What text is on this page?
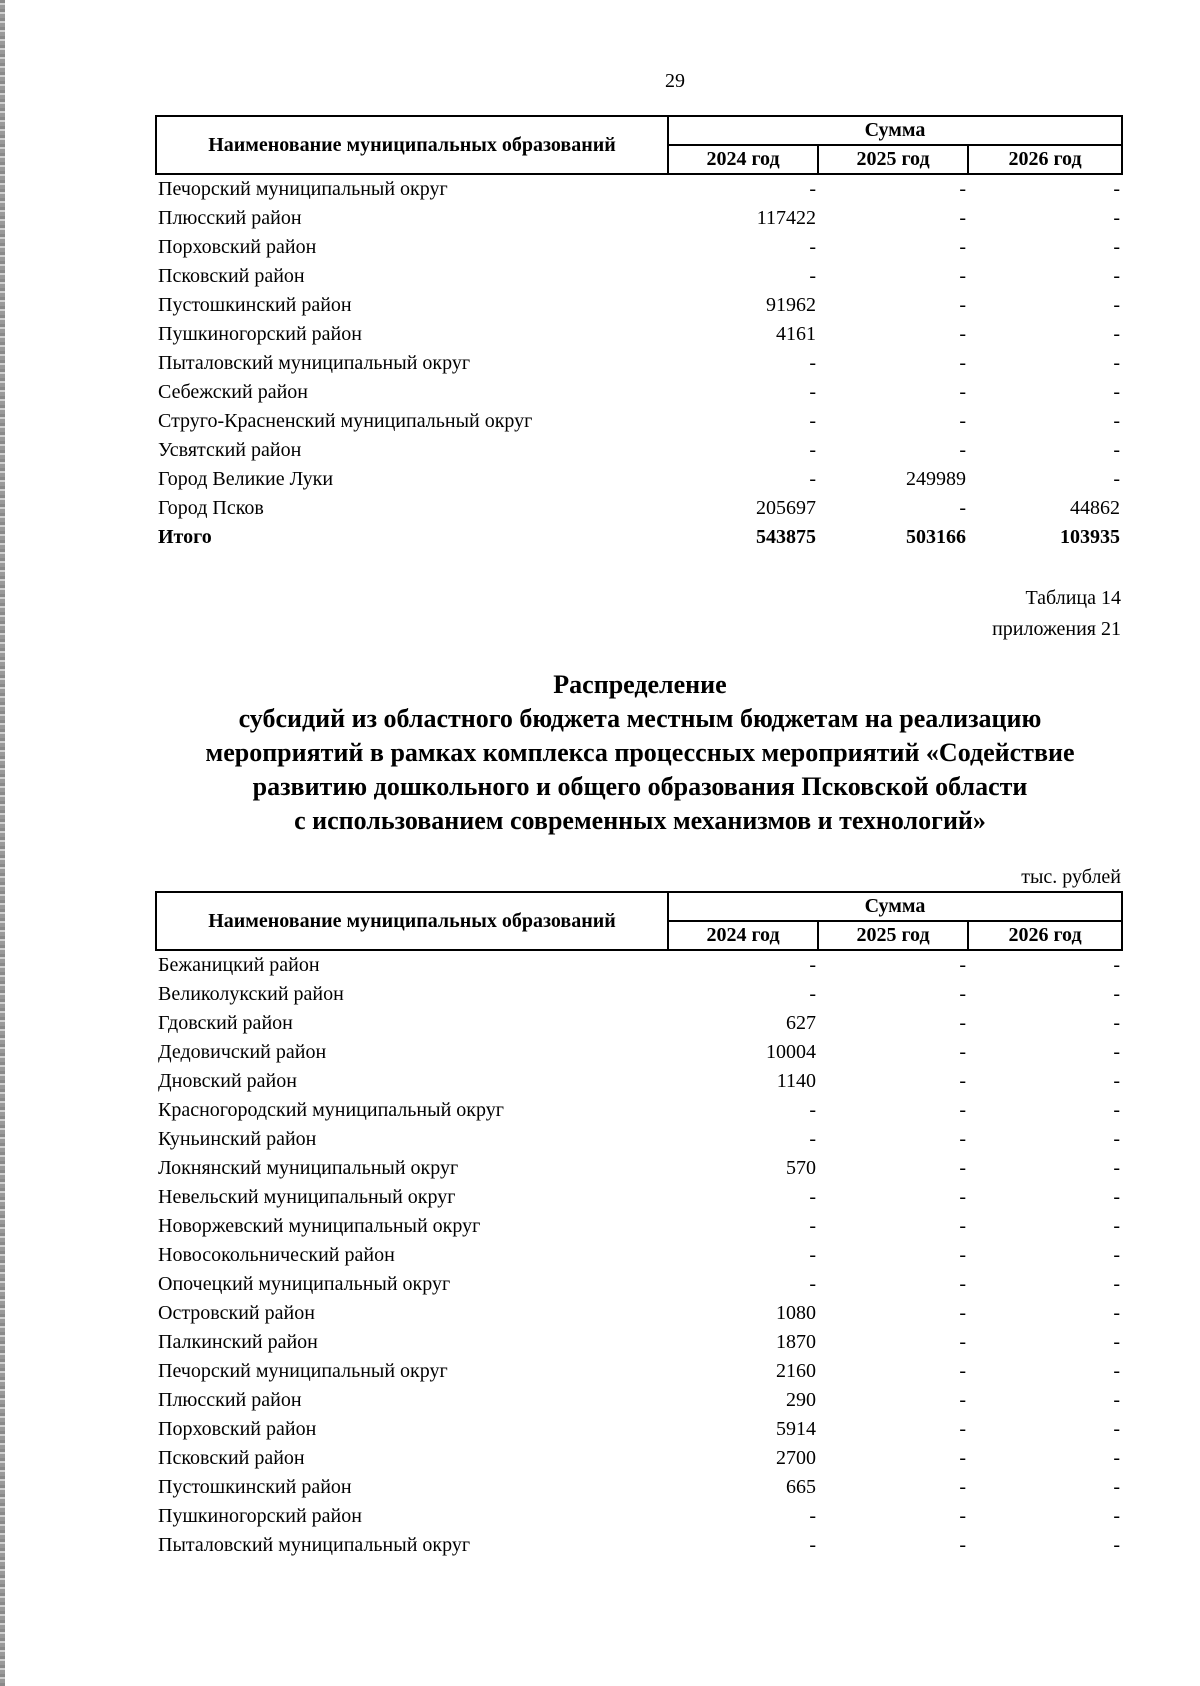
29
Наименование муниципальных образований	Сумма		
	2024 год	2025 год	2026 год
Печорский муниципальный округ	-	-	-
Плюсский район	117422	-	-
Порховский район	-	-	-
Псковский район	-	-	-
Пустошкинский район	91962	-	-
Пушкиногорский район	4161	-	-
Пыталовский муниципальный округ	-	-	-
Себежский район	-	-	-
Струго-Красненский муниципальный округ	-	-	-
Усвятский район	-	-	-
Город Великие Луки	-	249989	-
Город Псков	205697	-	44862
Итого	543875	503166	103935
Таблица 14
приложения 21
Распределение
субсидий из областного бюджета местным бюджетам на реализацию
мероприятий в рамках комплекса процессных мероприятий «Содействие
развитию дошкольного и общего образования Псковской области
с использованием современных механизмов и технологий»
тыс. рублей
Наименование муниципальных образований	Сумма		
	2024 год	2025 год	2026 год
Бежаницкий район	-	-	-
Великолукский район	-	-	-
Гдовский район	627	-	-
Дедовичский район	10004	-	-
Дновский район	1140	-	-
Красногородский муниципальный округ	-	-	-
Куньинский район	-	-	-
Локнянский муниципальный округ	570	-	-
Невельский муниципальный округ	-	-	-
Новоржевский муниципальный округ	-	-	-
Новосокольнический район	-	-	-
Опочецкий муниципальный округ	-	-	-
Островский район	1080	-	-
Палкинский район	1870	-	-
Печорский муниципальный округ	2160	-	-
Плюсский район	290	-	-
Порховский район	5914	-	-
Псковский район	2700	-	-
Пустошкинский район	665	-	-
Пушкиногорский район	-	-	-
Пыталовский муниципальный округ	-	-	-
